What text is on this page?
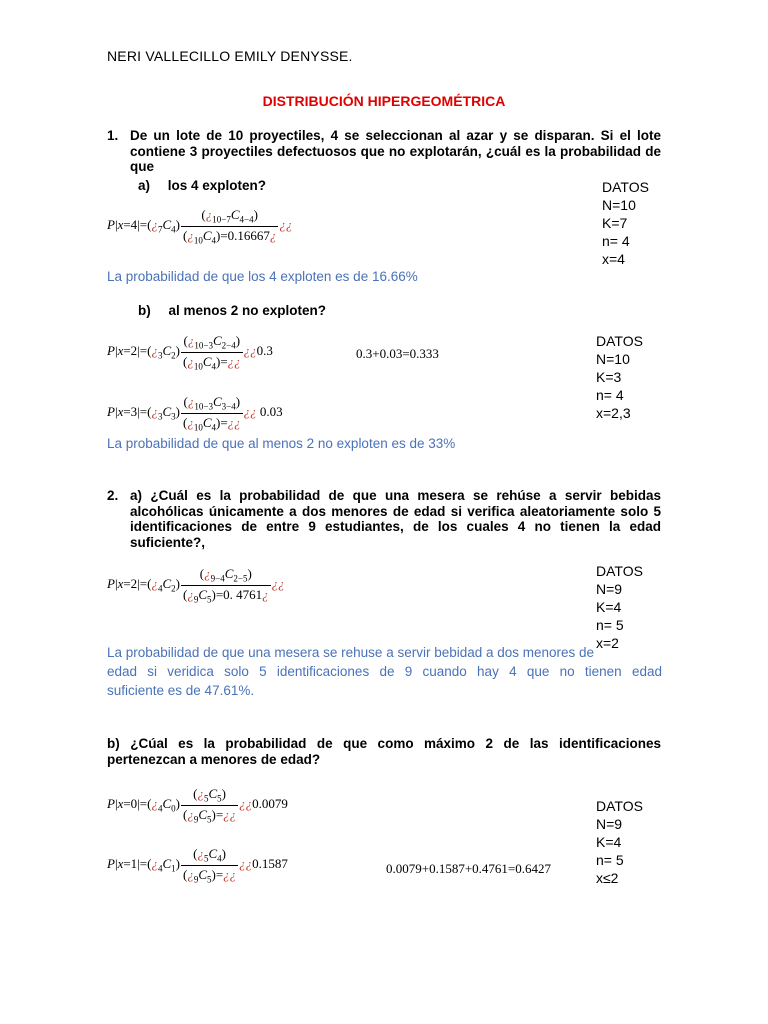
NERI VALLECILLO EMILY DENYSSE.
DISTRIBUCIÓN HIPERGEOMÉTRICA
1. De un lote de 10 proyectiles, 4 se seleccionan al azar y se disparan. Si el lote contiene 3 proyectiles defectuosos que no explotarán, ¿cuál es la probabilidad de que
a) los 4 exploten?	DATOS
N=10
K=7
n= 4
x=4
$P|x=4|=(¿_7C_4) \frac{(¿_{10-7}C_{4-4})}{(¿_{10}C_4)=0.16667¿}$ ¿¿
La probabilidad de que los 4 exploten es de 16.66%
b) al menos 2 no exploten?
DATOS
N=10
K=3
n= 4
x=2,3
$P|x=2|=(¿_3C_2) \frac{(¿_{10-3}C_{2-4})}{(¿_{10}C_4)=¿¿}$ ¿¿0.3	0.3+0.03=0.333
$P|x=3|=(¿_3C_3) \frac{(¿_{10-3}C_{3-4})}{(¿_{10}C_4)=¿¿}$ ¿¿ 0.03
La probabilidad de que al menos 2 no exploten es de 33%
2. a) ¿Cuál es la probabilidad de que una mesera se rehúse a servir bebidas alcohólicas únicamente a dos menores de edad si verifica aleatoriamente solo 5 identificaciones de entre 9 estudiantes, de los cuales 4 no tienen la edad suficiente?,
DATOS
N=9
K=4
n= 5
x=2
$P|x=2|=(¿_4C_2) \frac{(¿_{9-4}C_{2-5})}{(¿_9C_5)=0. 4761¿}$ ¿¿
La probabilidad de que una mesera se rehuse a servir bebidad a dos menores de
edad si veridica solo 5 identificaciones de 9 cuando hay 4 que no tienen edad
suficiente es de 47.61%.
b) ¿Cúal es la probabilidad de que como máximo 2 de las identificaciones pertenezcan a menores de edad?
DATOS
N=9
K=4
n= 5
x≤2
$P|x=0|=(¿_4C_0) \frac{(¿_5C_5)}{(¿_9C_5)=¿¿}$ ¿¿0.0079
$P|x=1|=(¿_4C_1) \frac{(¿_5C_4)}{(¿_9C_5)=¿¿}$ ¿¿0.1587	0.0079+0.1587+0.4761=0.6427
